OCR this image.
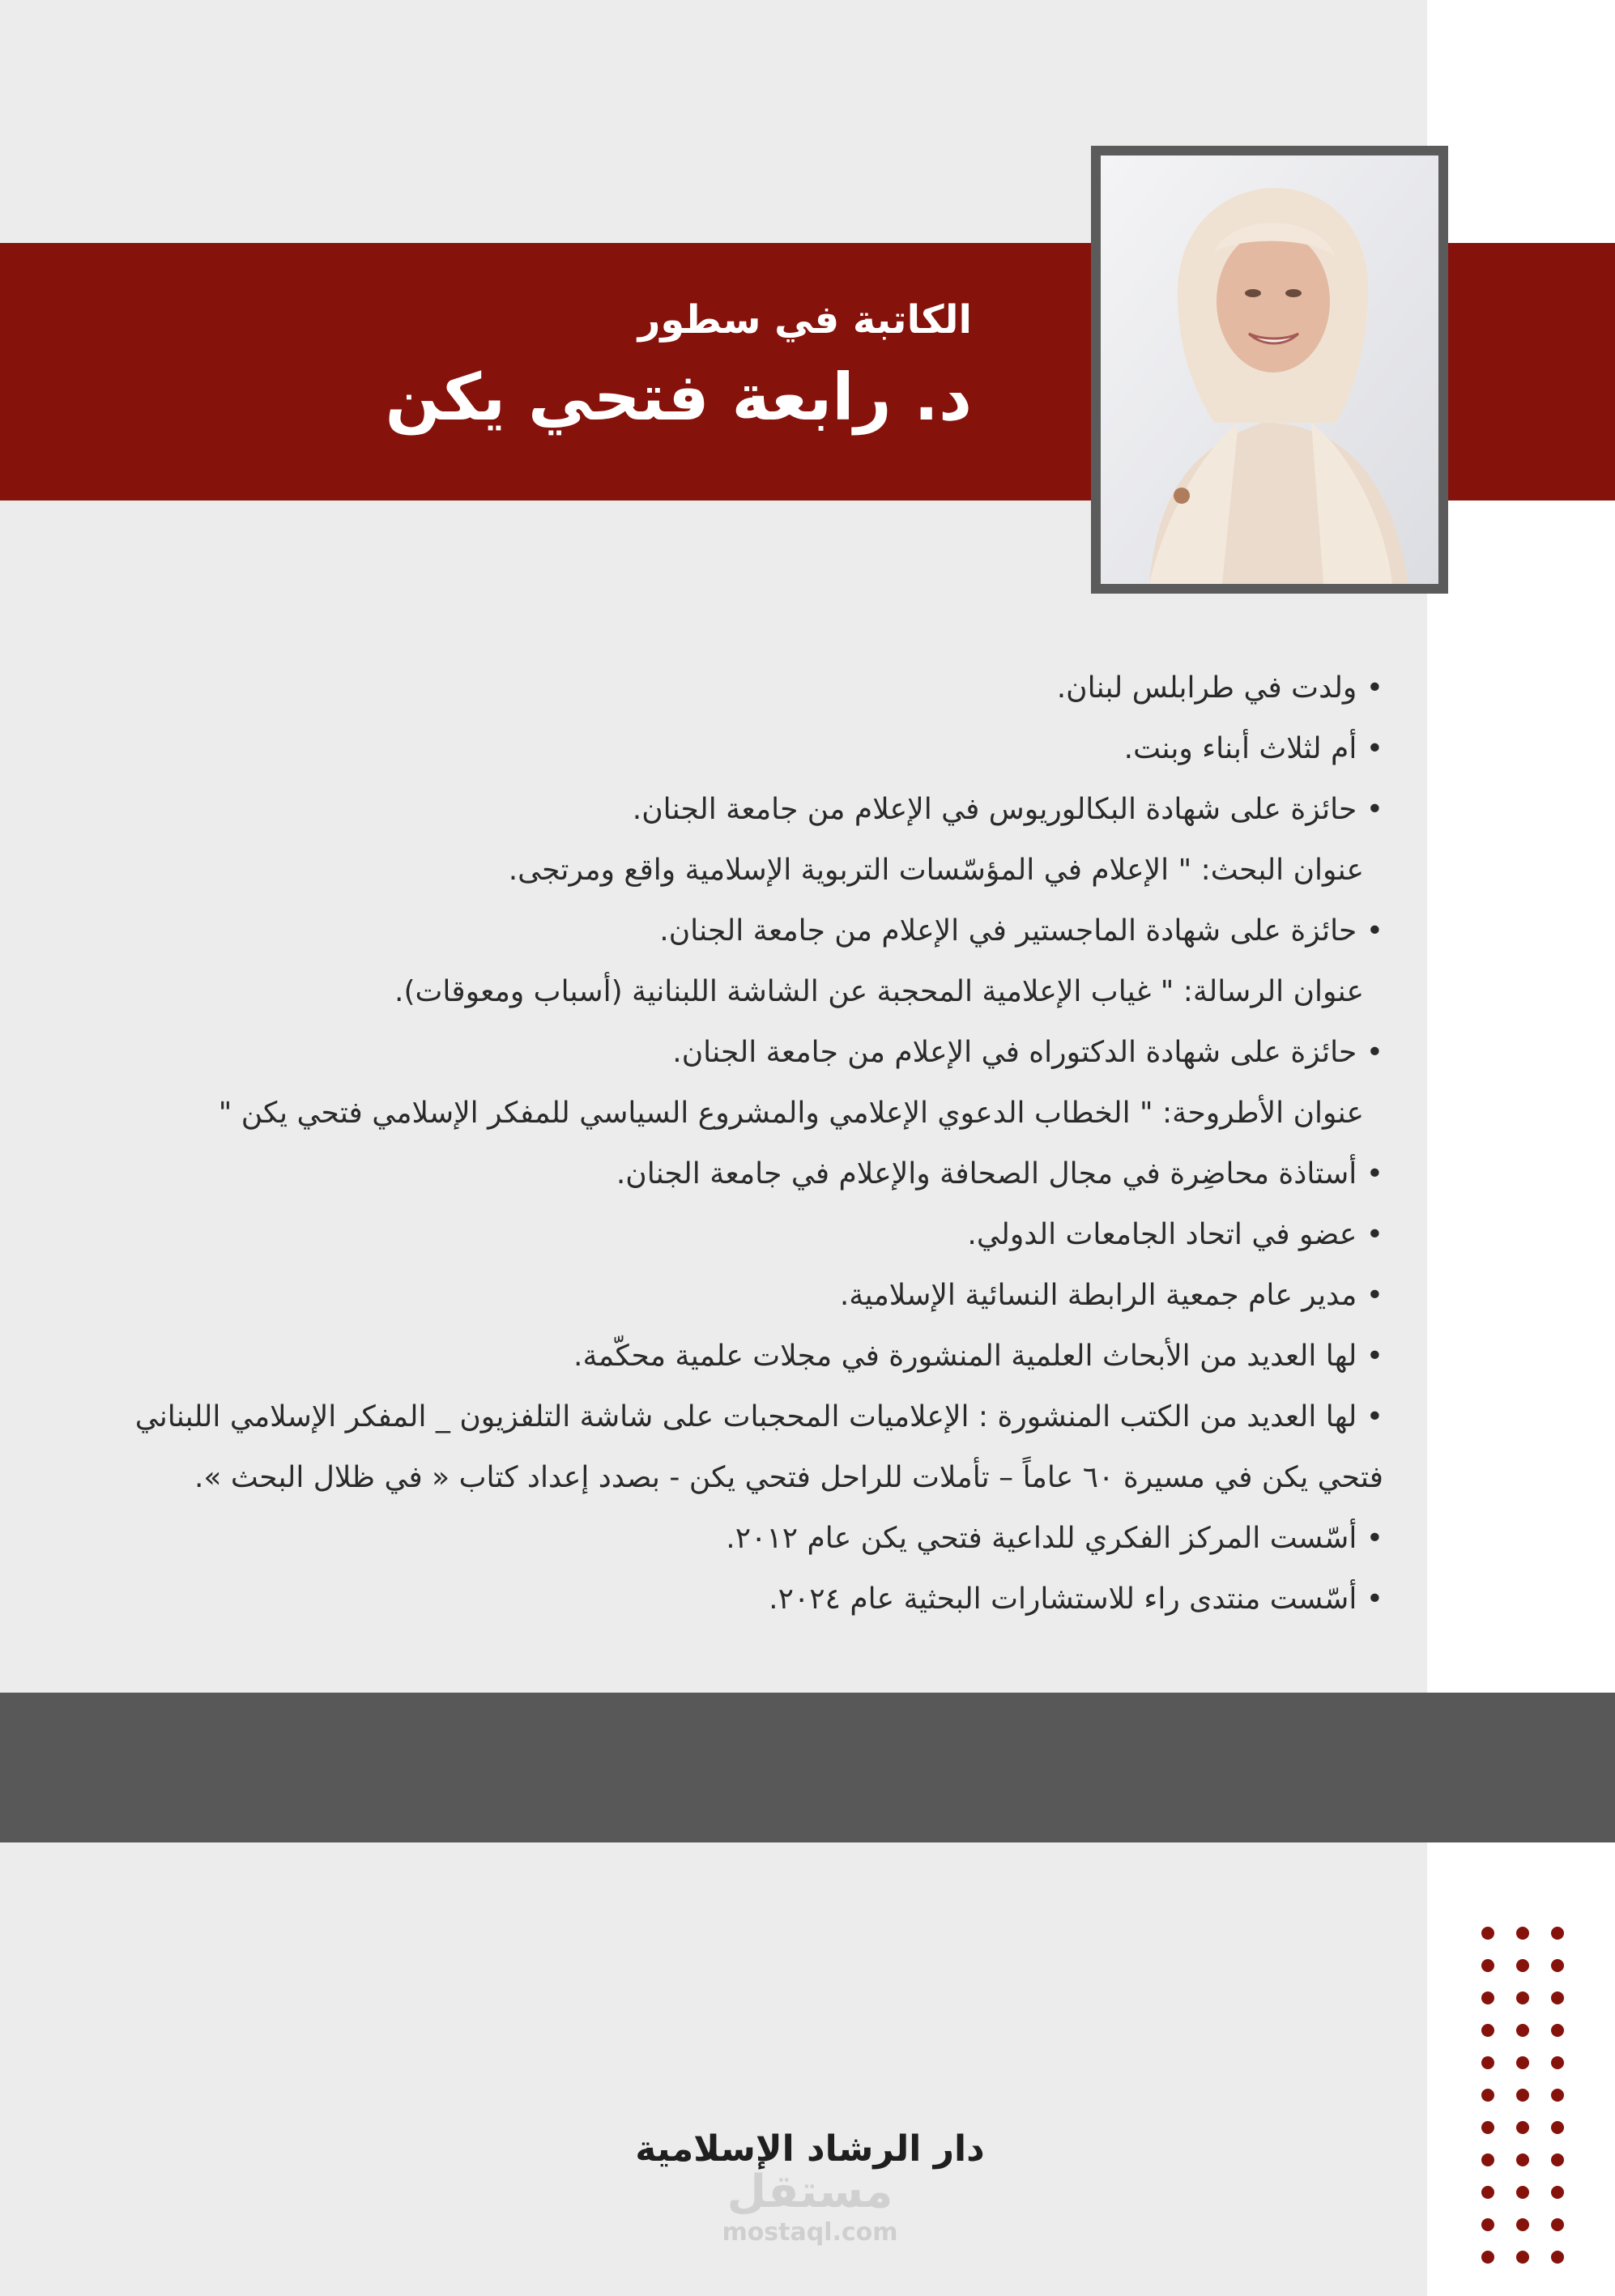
الكاتبة في سطور
د. رابعة فتحي يكن
• ولدت في طرابلس لبنان.
• أم لثلاث أبناء وبنت.
• حائزة على شهادة البكالوريوس في الإعلام من جامعة الجنان.
عنوان البحث: " الإعلام في المؤسّسات التربوية الإسلامية واقع ومرتجى.
• حائزة على شهادة الماجستير في الإعلام من جامعة الجنان.
عنوان الرسالة: " غياب الإعلامية المحجبة عن الشاشة اللبنانية (أسباب ومعوقات).
• حائزة على شهادة الدكتوراه في الإعلام من جامعة الجنان.
عنوان الأطروحة: " الخطاب الدعوي الإعلامي والمشروع السياسي للمفكر الإسلامي فتحي يكن "
• أستاذة محاضِرة في مجال الصحافة والإعلام في جامعة الجنان.
• عضو في اتحاد الجامعات الدولي.
• مدير عام جمعية الرابطة النسائية الإسلامية.
• لها العديد من الأبحاث العلمية المنشورة في مجلات علمية محكّمة.
• لها العديد من الكتب المنشورة : الإعلاميات المحجبات على شاشة التلفزيون _ المفكر الإسلامي اللبناني
فتحي يكن في مسيرة ٦٠ عاماً – تأملات للراحل فتحي يكن - بصدد إعداد كتاب « في ظلال البحث ».
• أسّست المركز الفكري للداعية فتحي يكن عام ٢٠١٢.
• أسّست منتدى راء للاستشارات البحثية عام ٢٠٢٤.
دار الرشاد الإسلامية
مستقل
mostaql.com
